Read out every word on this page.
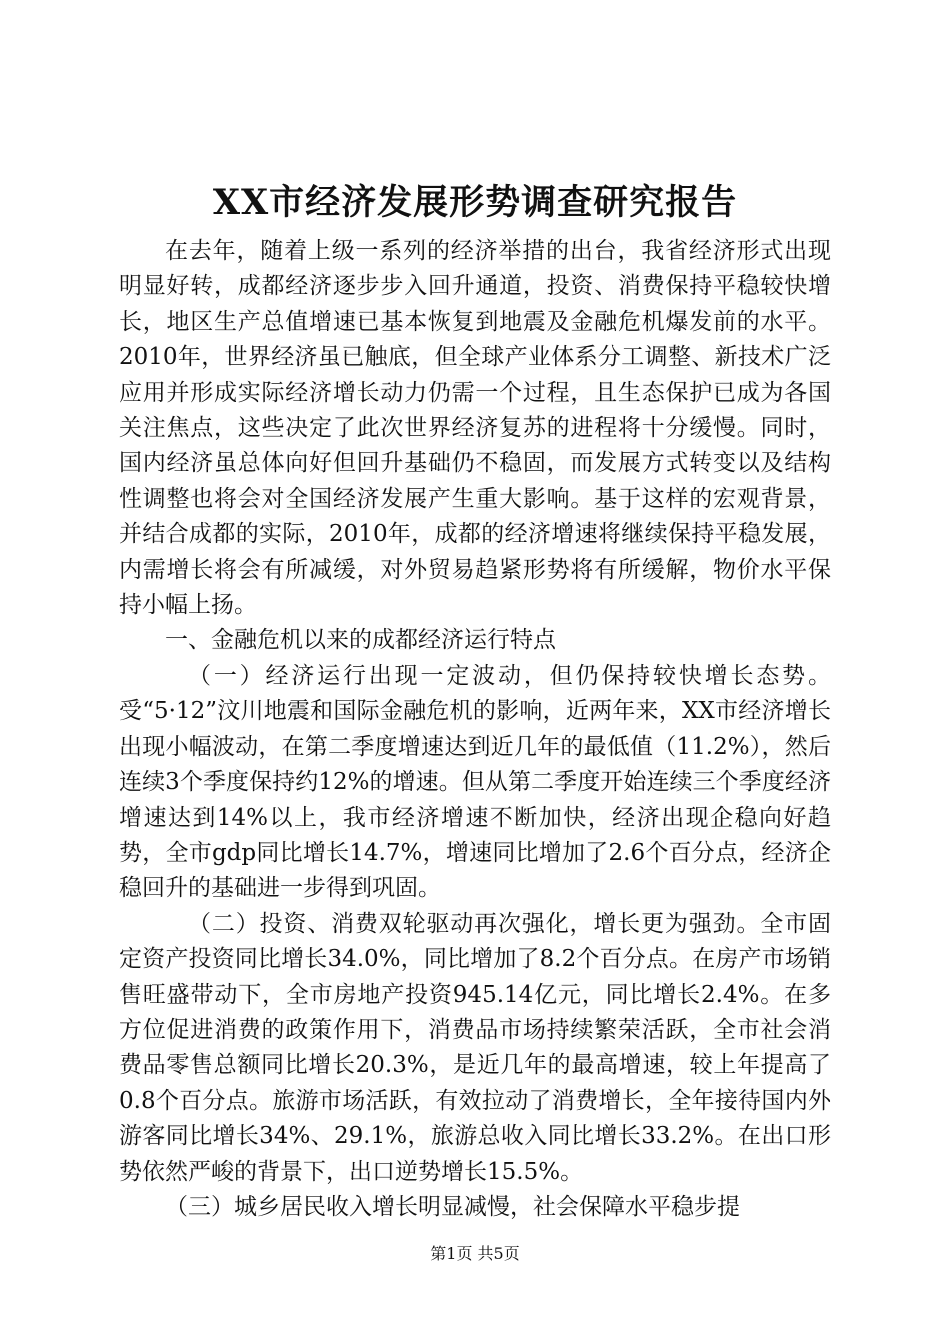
XX市经济发展形势调查研究报告

在去年，随着上级一系列的经济举措的出台，我省经济形式出现明显好转，成都经济逐步步入回升通道，投资、消费保持平稳较快增长，地区生产总值增速已基本恢复到地震及金融危机爆发前的水平。2010年，世界经济虽已触底，但全球产业体系分工调整、新技术广泛应用并形成实际经济增长动力仍需一个过程，且生态保护已成为各国关注焦点，这些决定了此次世界经济复苏的进程将十分缓慢。同时，国内经济虽总体向好但回升基础仍不稳固，而发展方式转变以及结构性调整也将会对全国经济发展产生重大影响。基于这样的宏观背景，并结合成都的实际，2010年，成都的经济增速将继续保持平稳发展，内需增长将会有所减缓，对外贸易趋紧形势将有所缓解，物价水平保持小幅上扬。

一、金融危机以来的成都经济运行特点

（一）经济运行出现一定波动，但仍保持较快增长态势。受“5·12”汶川地震和国际金融危机的影响，近两年来，XX市经济增长出现小幅波动，在第二季度增速达到近几年的最低值（11.2%），然后连续3个季度保持约12%的增速。但从第二季度开始连续三个季度经济增速达到14%以上，我市经济增速不断加快，经济出现企稳向好趋势，全市gdp同比增长14.7%，增速同比增加了2.6个百分点，经济企稳回升的基础进一步得到巩固。

（二）投资、消费双轮驱动再次强化，增长更为强劲。全市固定资产投资同比增长34.0%，同比增加了8.2个百分点。在房产市场销售旺盛带动下，全市房地产投资945.14亿元，同比增长2.4%。在多方位促进消费的政策作用下，消费品市场持续繁荣活跃，全市社会消费品零售总额同比增长20.3%，是近几年的最高增速，较上年提高了0.8个百分点。旅游市场活跃，有效拉动了消费增长，全年接待国内外游客同比增长34%、29.1%，旅游总收入同比增长33.2%。在出口形势依然严峻的背景下，出口逆势增长15.5%。

（三）城乡居民收入增长明显减慢，社会保障水平稳步提

第1页 共5页
